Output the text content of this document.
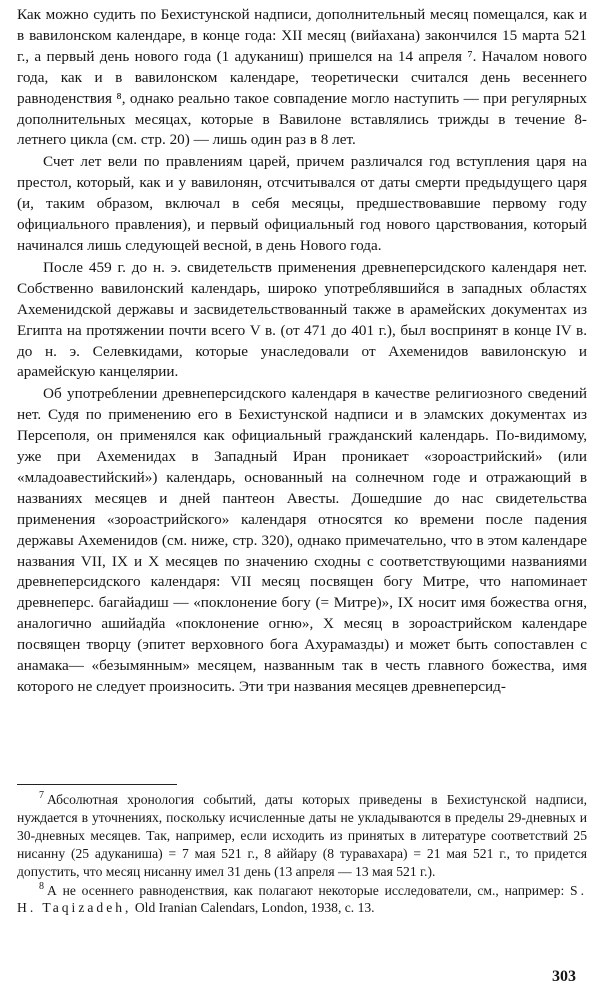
Как можно судить по Бехистунской надписи, дополнительный месяц помещался, как и в вавилонском календаре, в конце года: XII месяц (вийахана) закончился 15 марта 521 г., а первый день нового года (1 адуканиш) пришелся на 14 апреля ⁷. Началом нового года, как и в вавилонском календаре, теоретически считался день весеннего равноденствия ⁸, однако реально такое совпадение могло наступить — при регулярных дополнительных месяцах, которые в Вавилоне вставлялись трижды в течение 8-летнего цикла (см. стр. 20) — лишь один раз в 8 лет.

Счет лет вели по правлениям царей, причем различался год вступления царя на престол, который, как и у вавилонян, отсчитывался от даты смерти предыдущего царя (и, таким образом, включал в себя месяцы, предшествовавшие первому году официального правления), и первый официальный год нового царствования, который начинался лишь следующей весной, в день Нового года.

После 459 г. до н. э. свидетельств применения древнеперсидского календаря нет. Собственно вавилонский календарь, широко употреблявшийся в западных областях Ахеменидской державы и засвидетельствованный также в арамейских документах из Египта на протяжении почти всего V в. (от 471 до 401 г.), был воспринят в конце IV в. до н. э. Селевкидами, которые унаследовали от Ахеменидов вавилонскую и арамейскую канцелярии.

Об употреблении древнеперсидского календаря в качестве религиозного сведений нет. Судя по применению его в Бехистунской надписи и в эламских документах из Персеполя, он применялся как официальный гражданский календарь. По-видимому, уже при Ахеменидах в Западный Иран проникает «зороастрийский» (или «младоавестийский») календарь, основанный на солнечном годе и отражающий в названиях месяцев и дней пантеон Авесты. Дошедшие до нас свидетельства применения «зороастрийского» календаря относятся ко времени после падения державы Ахеменидов (см. ниже, стр. 320), однако примечательно, что в этом календаре названия VII, IX и X месяцев по значению сходны с соответствующими названиями древнеперсидского календаря: VII месяц посвящен богу Митре, что напоминает древнеперс. багайадиш — «поклонение богу (= Митре)», IX носит имя божества огня, аналогично ашийадйа «поклонение огню», X месяц в зороастрийском календаре посвящен творцу (эпитет верховного бога Ахурамазды) и может быть сопоставлен с анамака— «безымянным» месяцем, названным так в честь главного божества, имя которого не следует произносить. Эти три названия месяцев древнеперсид-

$^7$ Абсолютная хронология событий, даты которых приведены в Бехистунской надписи, нуждается в уточнениях, поскольку исчисленные даты не укладываются в пределы 29-дневных и 30-дневных месяцев. Так, например, если исходить из принятых в литературе соответствий 25 нисанну (25 адуканиша) = 7 мая 521 г., 8 аййару (8 туравахара) = 21 мая 521 г., то придется допустить, что месяц нисанну имел 31 день (13 апреля — 13 мая 521 г.).

$^8$ А не осеннего равноденствия, как полагают некоторые исследователи, см., например: S. H. Taqizadeh, Old Iranian Calendars, London, 1938, с. 13.

303
